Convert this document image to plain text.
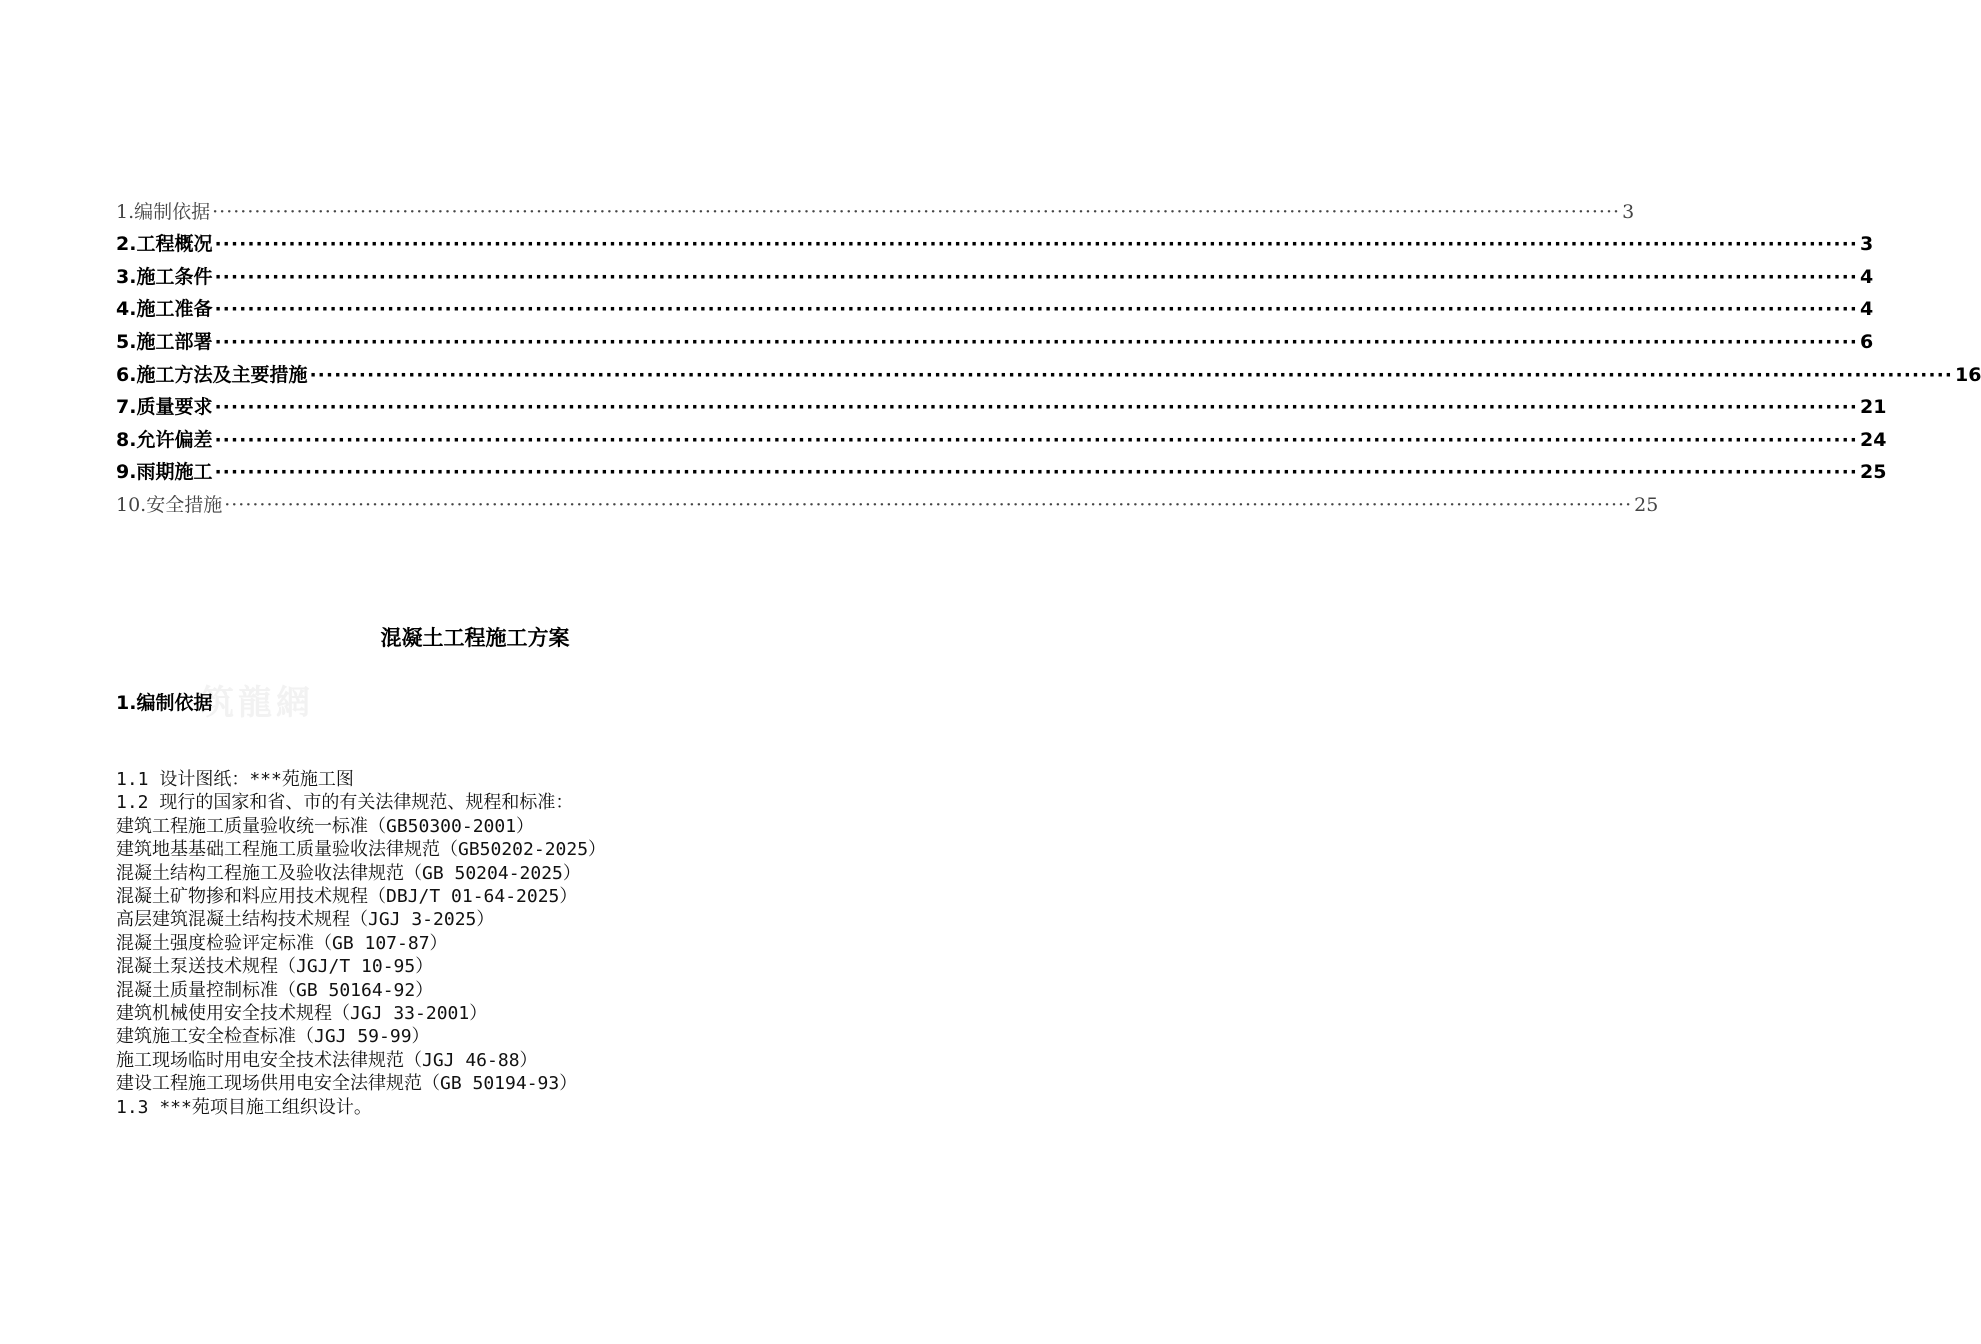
1.编制依据 ········································································································································································································ 3
2.工程概况 ········································································································································································································ 3
3.施工条件 ········································································································································································································ 4
4.施工准备 ········································································································································································································ 4
5.施工部署 ········································································································································································································ 6
6.施工方法及主要措施 ········································································································································································································ 16
7.质量要求 ········································································································································································································ 21
8.允许偏差 ········································································································································································································ 24
9.雨期施工 ········································································································································································································ 25
10.安全措施 ········································································································································································································ 25
筑龍網
混凝土工程施工方案
1.编制依据
1.1 设计图纸：***苑施工图
1.2 现行的国家和省、市的有关法律规范、规程和标准：
建筑工程施工质量验收统一标准（GB50300-2001）
建筑地基基础工程施工质量验收法律规范（GB50202-2025）
混凝土结构工程施工及验收法律规范（GB 50204-2025）
混凝土矿物掺和料应用技术规程（DBJ/T 01-64-2025）
高层建筑混凝土结构技术规程（JGJ 3-2025）
混凝土强度检验评定标准（GB 107-87）
混凝土泵送技术规程（JGJ/T 10-95）
混凝土质量控制标准（GB 50164-92）
建筑机械使用安全技术规程（JGJ 33-2001）
建筑施工安全检查标准（JGJ 59-99）
施工现场临时用电安全技术法律规范（JGJ 46-88）
建设工程施工现场供用电安全法律规范（GB 50194-93）
1.3 ***苑项目施工组织设计。
